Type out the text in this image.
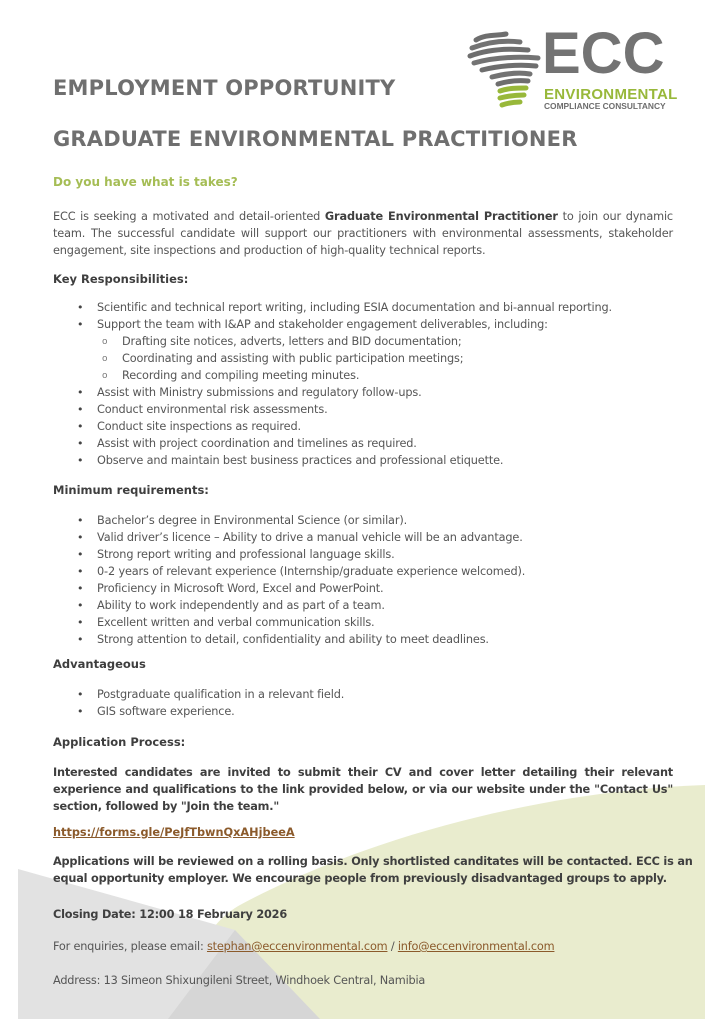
ECC
ENVIRONMENTAL
COMPLIANCE CONSULTANCY
EMPLOYMENT OPPORTUNITY
GRADUATE ENVIRONMENTAL PRACTITIONER
Do you have what is takes?
ECC is seeking a motivated and detail-oriented Graduate Environmental Practitioner to join our dynamic team. The successful candidate will support our practitioners with environmental assessments, stakeholder engagement, site inspections and production of high-quality technical reports.
Key Responsibilities:
• Scientific and technical report writing, including ESIA documentation and bi-annual reporting.
• Support the team with I&AP and stakeholder engagement deliverables, including:
o Drafting site notices, adverts, letters and BID documentation;
o Coordinating and assisting with public participation meetings;
o Recording and compiling meeting minutes.
• Assist with Ministry submissions and regulatory follow-ups.
• Conduct environmental risk assessments.
• Conduct site inspections as required.
• Assist with project coordination and timelines as required.
• Observe and maintain best business practices and professional etiquette.
Minimum requirements:
• Bachelor’s degree in Environmental Science (or similar).
• Valid driver’s licence – Ability to drive a manual vehicle will be an advantage.
• Strong report writing and professional language skills.
• 0-2 years of relevant experience (Internship/graduate experience welcomed).
• Proficiency in Microsoft Word, Excel and PowerPoint.
• Ability to work independently and as part of a team.
• Excellent written and verbal communication skills.
• Strong attention to detail, confidentiality and ability to meet deadlines.
Advantageous
• Postgraduate qualification in a relevant field.
• GIS software experience.
Application Process:
Interested candidates are invited to submit their CV and cover letter detailing their relevant experience and qualifications to the link provided below, or via our website under the "Contact Us" section, followed by "Join the team."
https://forms.gle/PeJfTbwnQxAHjbeeA
Applications will be reviewed on a rolling basis. Only shortlisted canditates will be contacted. ECC is an equal opportunity employer. We encourage people from previously disadvantaged groups to apply.
Closing Date: 12:00 18 February 2026
For enquiries, please email: stephan@eccenvironmental.com / info@eccenvironmental.com
Address: 13 Simeon Shixungileni Street, Windhoek Central, Namibia
